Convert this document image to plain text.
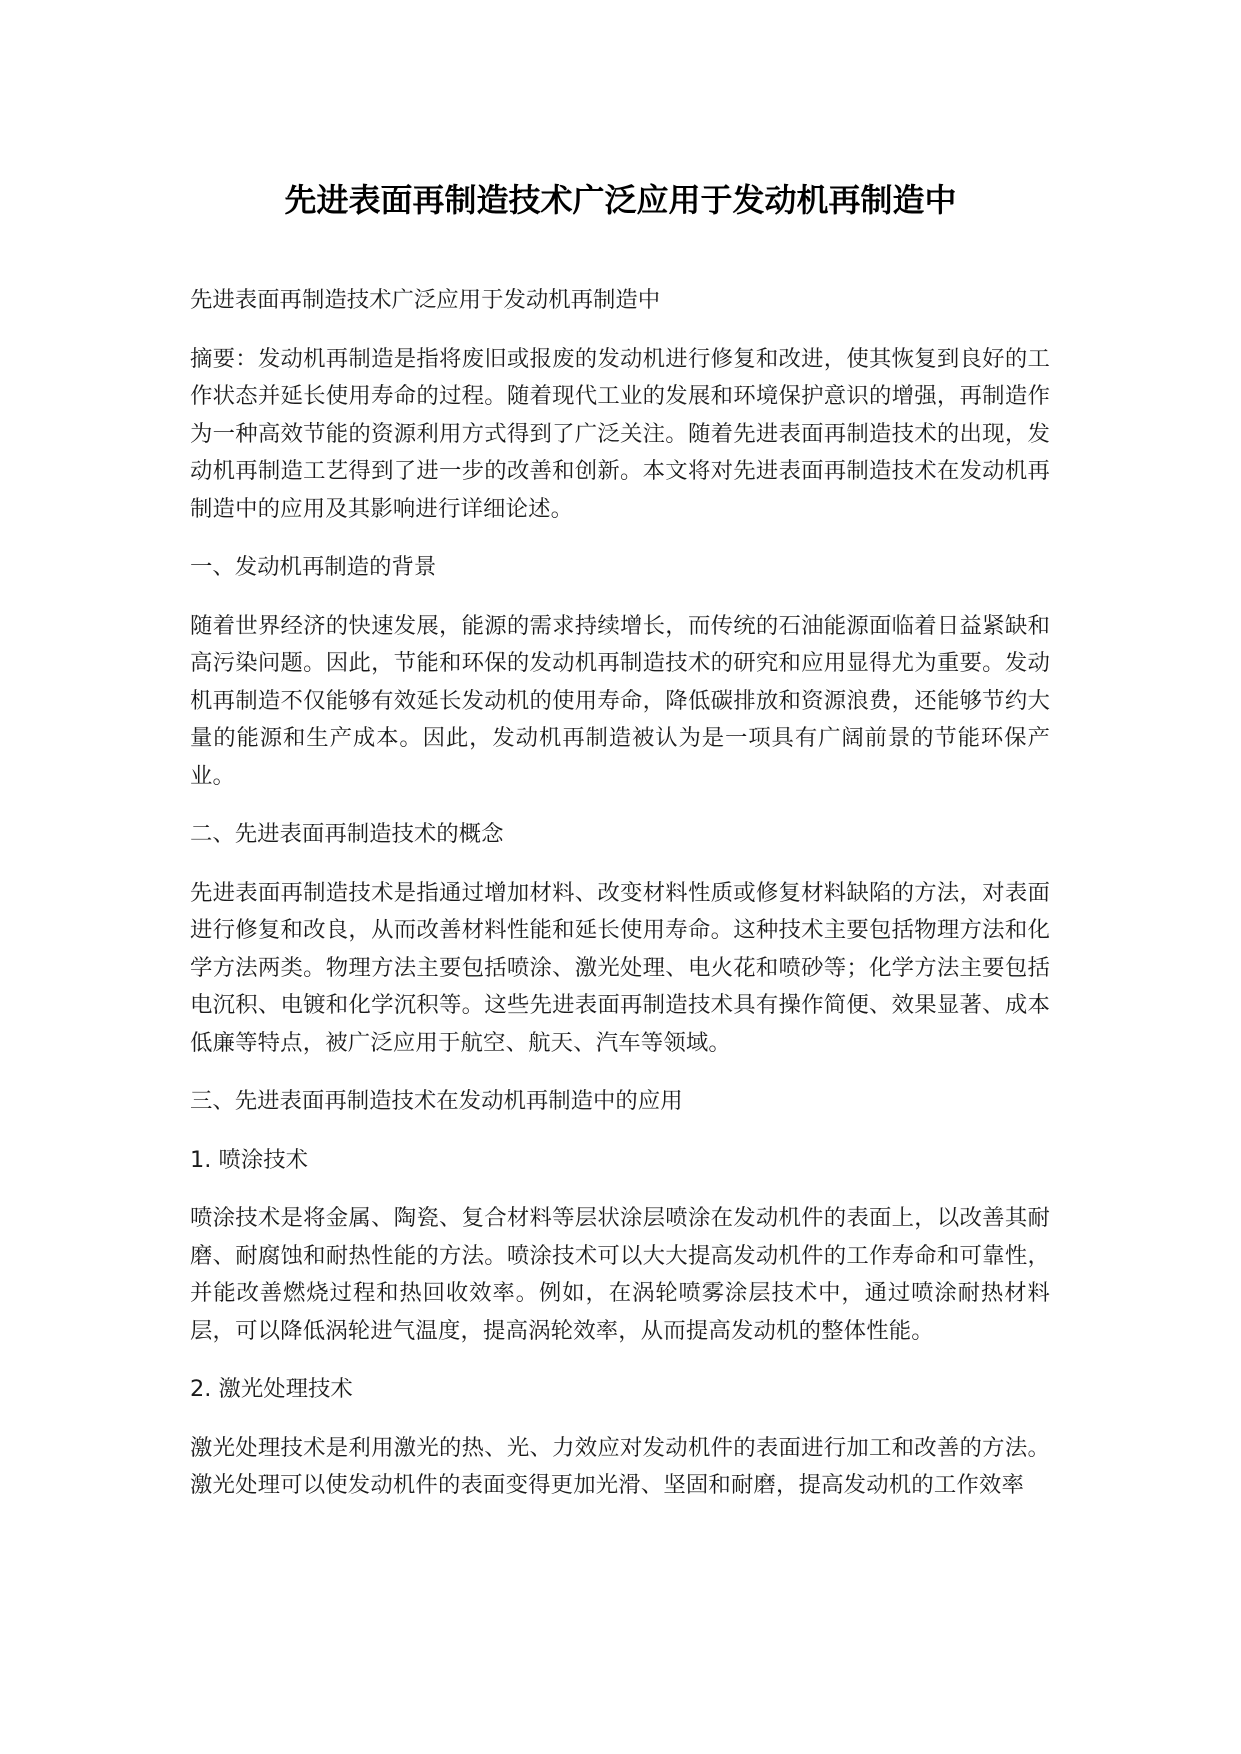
先进表面再制造技术广泛应用于发动机再制造中

先进表面再制造技术广泛应用于发动机再制造中

摘要：发动机再制造是指将废旧或报废的发动机进行修复和改进，使其恢复到良好的工作状态并延长使用寿命的过程。随着现代工业的发展和环境保护意识的增强，再制造作为一种高效节能的资源利用方式得到了广泛关注。随着先进表面再制造技术的出现，发动机再制造工艺得到了进一步的改善和创新。本文将对先进表面再制造技术在发动机再制造中的应用及其影响进行详细论述。

一、发动机再制造的背景

随着世界经济的快速发展，能源的需求持续增长，而传统的石油能源面临着日益紧缺和高污染问题。因此，节能和环保的发动机再制造技术的研究和应用显得尤为重要。发动机再制造不仅能够有效延长发动机的使用寿命，降低碳排放和资源浪费，还能够节约大量的能源和生产成本。因此，发动机再制造被认为是一项具有广阔前景的节能环保产业。

二、先进表面再制造技术的概念

先进表面再制造技术是指通过增加材料、改变材料性质或修复材料缺陷的方法，对表面进行修复和改良，从而改善材料性能和延长使用寿命。这种技术主要包括物理方法和化学方法两类。物理方法主要包括喷涂、激光处理、电火花和喷砂等；化学方法主要包括电沉积、电镀和化学沉积等。这些先进表面再制造技术具有操作简便、效果显著、成本低廉等特点，被广泛应用于航空、航天、汽车等领域。

三、先进表面再制造技术在发动机再制造中的应用

1. 喷涂技术

喷涂技术是将金属、陶瓷、复合材料等层状涂层喷涂在发动机件的表面上，以改善其耐磨、耐腐蚀和耐热性能的方法。喷涂技术可以大大提高发动机件的工作寿命和可靠性，并能改善燃烧过程和热回收效率。例如，在涡轮喷雾涂层技术中，通过喷涂耐热材料层，可以降低涡轮进气温度，提高涡轮效率，从而提高发动机的整体性能。

2. 激光处理技术

激光处理技术是利用激光的热、光、力效应对发动机件的表面进行加工和改善的方法。激光处理可以使发动机件的表面变得更加光滑、坚固和耐磨，提高发动机的工作效率
